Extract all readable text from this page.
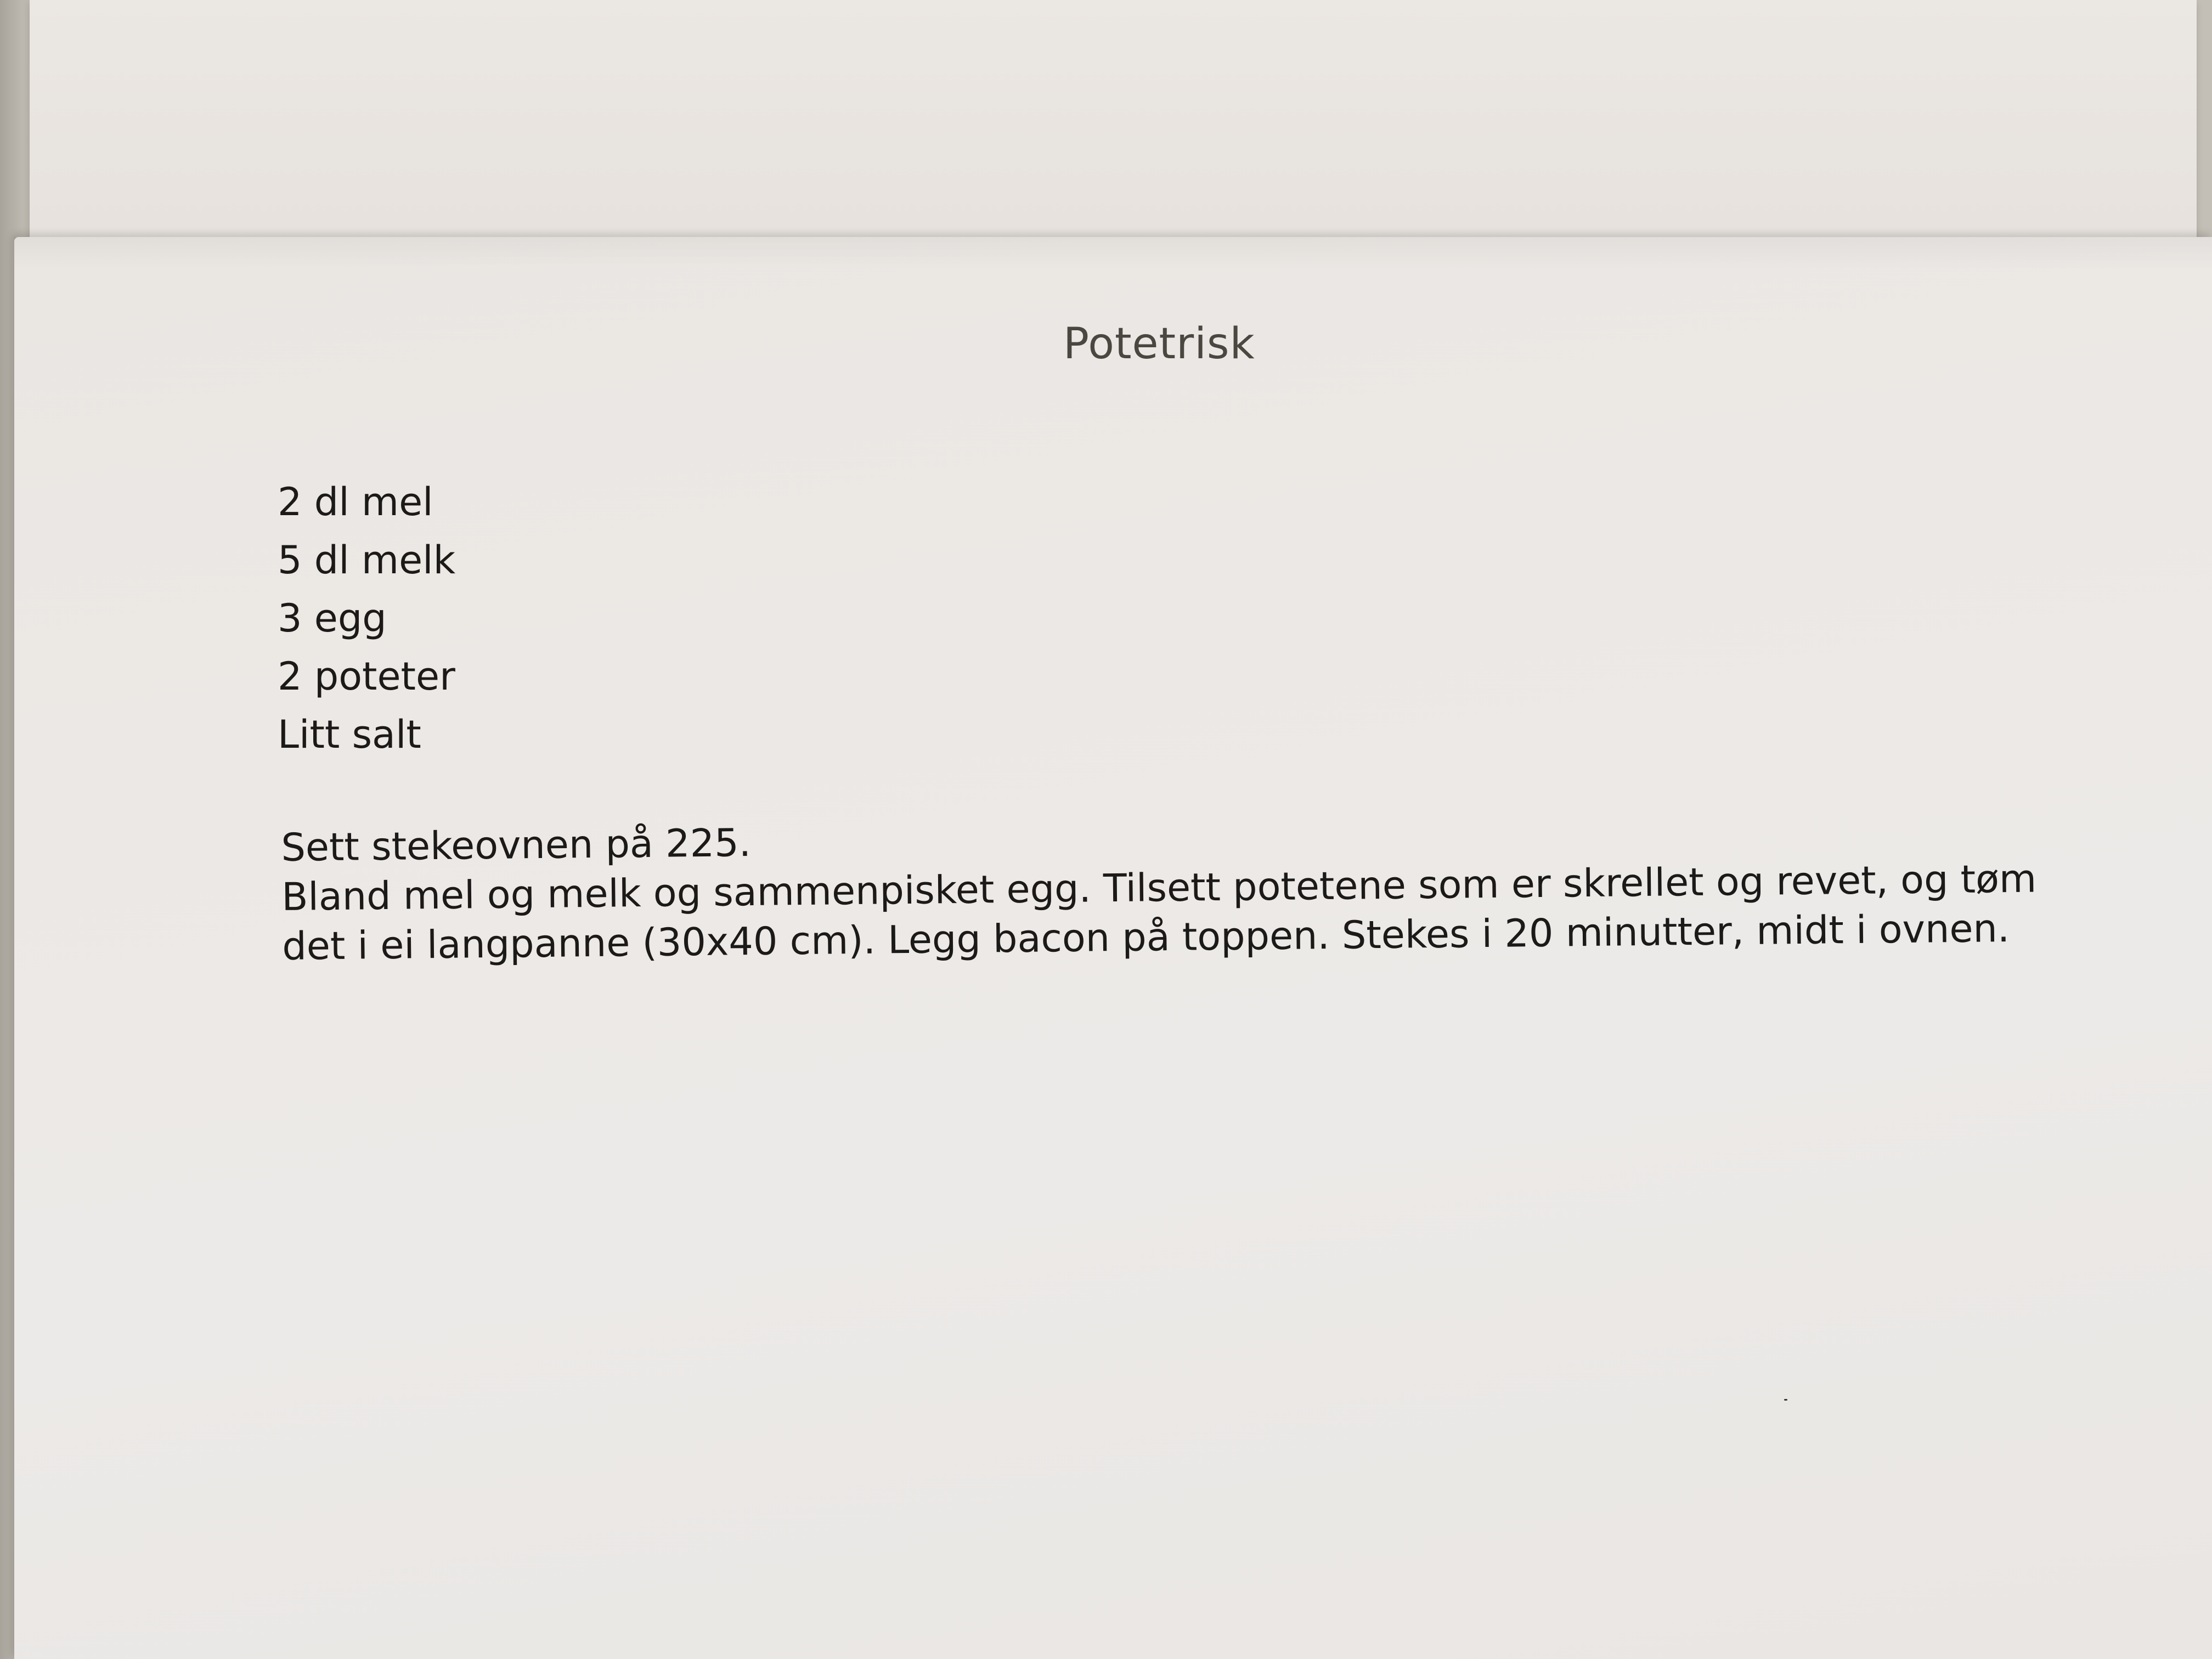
Potetrisk
2 dl mel
5 dl melk
3 egg
2 poteter
Litt salt

Sett stekeovnen på 225.

Bland mel og melk og sammenpisket egg. Tilsett potetene som er skrellet og revet, og tøm

det i ei langpanne (30x40 cm). Legg bacon på toppen. Stekes i 20 minutter, midt i ovnen.
